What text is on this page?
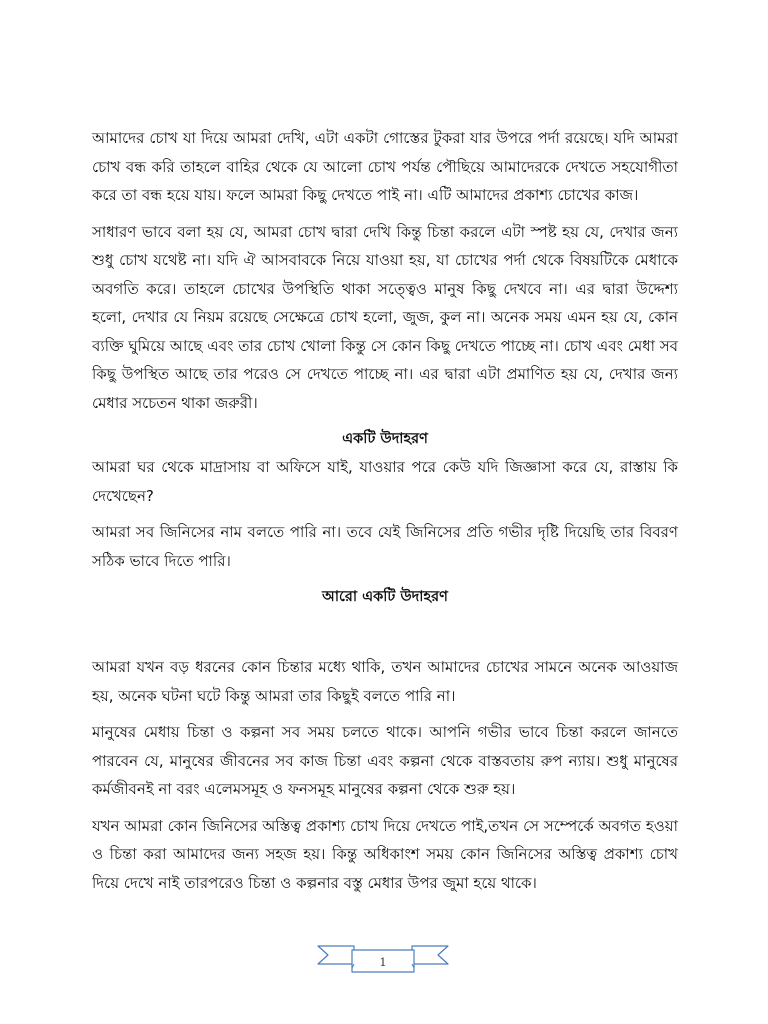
আমাদের চোখ যা দিয়ে আমরা দেখি, এটা একটা গোস্তের টুকরা যার উপরে পর্দা রয়েছে। যদি আমরা চোখ বন্ধ করি তাহলে বাহির থেকে যে আলো চোখ পর্যন্ত পৌছিয়ে আমাদেরকে দেখতে সহযোগীতা করে তা বন্ধ হয়ে যায়। ফলে আমরা কিছু দেখতে পাই না। এটি আমাদের প্রকাশ্য চোখের কাজ।

সাধারণ ভাবে বলা হয় যে, আমরা চোখ দ্বারা দেখি কিন্তু চিন্তা করলে এটা স্পষ্ট হয় যে, দেখার জন্য শুধু চোখ যথেষ্ট না। যদি ঐ আসবাবকে নিয়ে যাওয়া হয়, যা চোখের পর্দা থেকে বিষয়টিকে মেধাকে অবগতি করে। তাহলে চোখের উপস্থিতি থাকা সত্ত্বেও মানুষ কিছু দেখবে না। এর দ্বারা উদ্দেশ্য হলো, দেখার যে নিয়ম রয়েছে সেক্ষেত্রে চোখ হলো, জুজ, কুল না। অনেক সময় এমন হয় যে, কোন ব্যক্তি ঘুমিয়ে আছে এবং তার চোখ খোলা কিন্তু সে কোন কিছু দেখতে পাচ্ছে না। চোখ এবং মেধা সব কিছু উপস্থিত আছে তার পরেও সে দেখতে পাচ্ছে না। এর দ্বারা এটা প্রমাণিত হয় যে, দেখার জন্য মেধার সচেতন থাকা জরুরী।

একটি উদাহরণ

আমরা ঘর থেকে মাদ্রাসায় বা অফিসে যাই, যাওয়ার পরে কেউ যদি জিজ্ঞাসা করে যে, রাস্তায় কি দেখেছেন?

আমরা সব জিনিসের নাম বলতে পারি না। তবে যেই জিনিসের প্রতি গভীর দৃষ্টি দিয়েছি তার বিবরণ সঠিক ভাবে দিতে পারি।

আরো একটি উদাহরণ

আমরা যখন বড় ধরনের কোন চিন্তার মধ্যে থাকি, তখন আমাদের চোখের সামনে অনেক আওয়াজ হয়, অনেক ঘটনা ঘটে কিন্তু আমরা তার কিছুই বলতে পারি না।

মানুষের মেধায় চিন্তা ও কল্পনা সব সময় চলতে থাকে। আপনি গভীর ভাবে চিন্তা করলে জানতে পারবেন যে, মানুষের জীবনের সব কাজ চিন্তা এবং কল্পনা থেকে বাস্তবতায় রুপ ন্যায়। শুধু মানুষের কর্মজীবনই না বরং এলেমসমূহ ও ফনসমূহ মানুষের কল্পনা থেকে শুরু হয়।

যখন আমরা কোন জিনিসের অস্তিত্ব প্রকাশ্য চোখ দিয়ে দেখতে পাই,তখন সে সম্পের্কে অবগত হওয়া ও চিন্তা করা আমাদের জন্য সহজ হয়। কিন্তু অধিকাংশ সময় কোন জিনিসের অস্তিত্ব প্রকাশ্য চোখ দিয়ে দেখে নাই তারপরেও চিন্তা ও কল্পনার বস্তু মেধার উপর জুমা হয়ে থাকে।

1
